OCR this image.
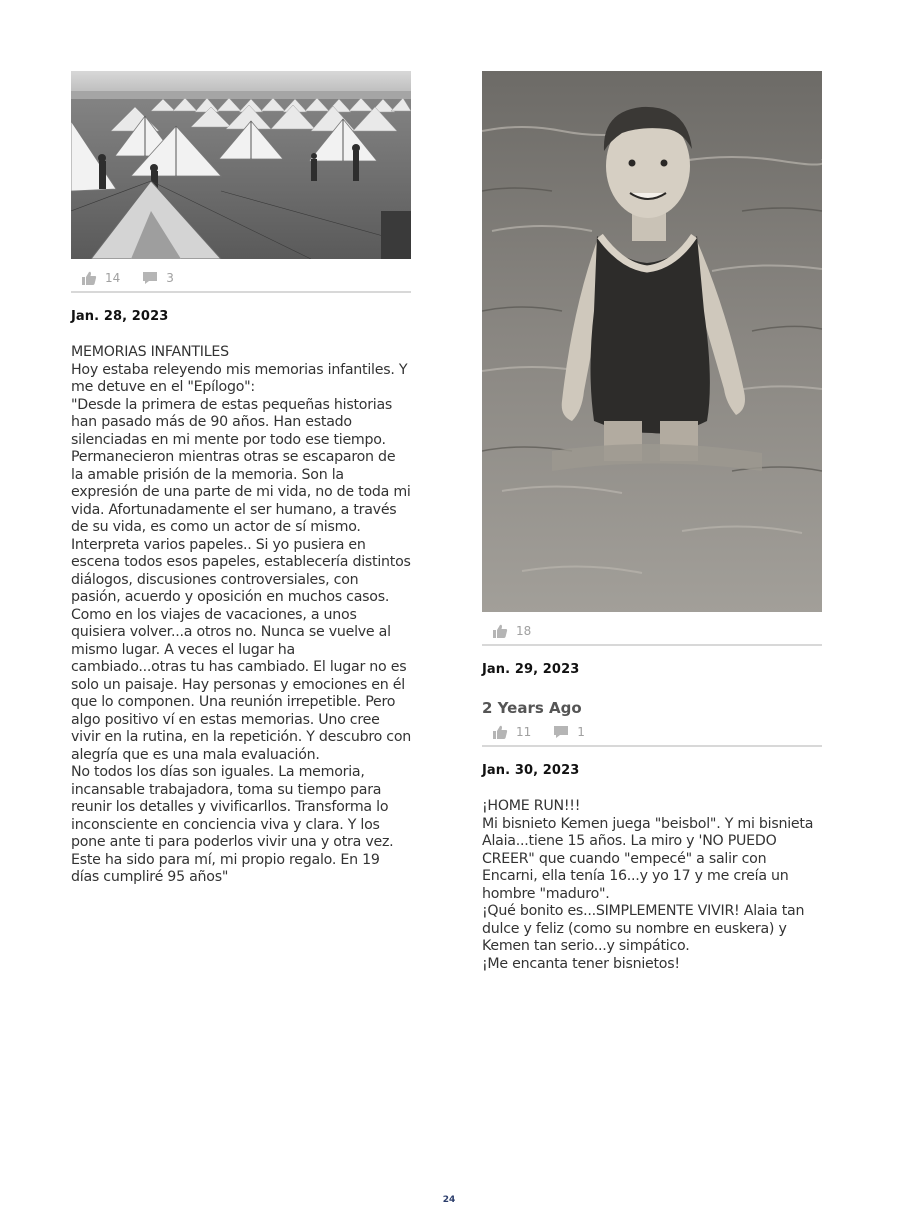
14	3
Jan. 28, 2023
MEMORIAS INFANTILES
Hoy estaba releyendo mis memorias infantiles. Y me detuve en el "Epílogo":
"Desde la primera de estas pequeñas historias han pasado más de 90 años. Han estado silenciadas en mi mente por todo ese tiempo. Permanecieron mientras otras se escaparon de la amable prisión de la memoria. Son la expresión de una parte de mi vida, no de toda mi vida. Afortunadamente el ser humano, a través de su vida, es como un actor de sí mismo. Interpreta varios papeles.. Si yo pusiera en escena todos esos papeles, establecería distintos diálogos, discusiones controversiales, con pasión, acuerdo y oposición en muchos casos. Como en los viajes de vacaciones, a unos quisiera volver...a otros no. Nunca se vuelve al mismo lugar. A veces el lugar ha cambiado...otras tu has cambiado. El lugar no es solo un paisaje. Hay personas y emociones en él que lo componen. Una reunión irrepetible. Pero algo positivo ví en estas memorias. Uno cree vivir en la rutina, en la repetición. Y descubro con alegría que es una mala evaluación.
No todos los días son iguales. La memoria, incansable trabajadora, toma su tiempo para reunir los detalles y vivificarllos. Transforma lo inconsciente en conciencia viva y clara. Y los pone ante ti para poderlos vivir una y otra vez. Este ha sido para mí, mi propio regalo. En 19 días cumpliré 95 años"
18
Jan. 29, 2023
2 Years Ago
11	1
Jan. 30, 2023
¡HOME RUN!!!
Mi bisnieto Kemen juega "beisbol". Y mi bisnieta Alaia...tiene 15 años. La miro y 'NO PUEDO CREER" que cuando "empecé" a salir con Encarni, ella tenía 16...y yo 17 y me creía un hombre "maduro".
¡Qué bonito es...SIMPLEMENTE VIVIR! Alaia tan dulce y feliz (como su nombre en euskera) y Kemen tan serio...y simpático.
¡Me encanta tener bisnietos!
24
